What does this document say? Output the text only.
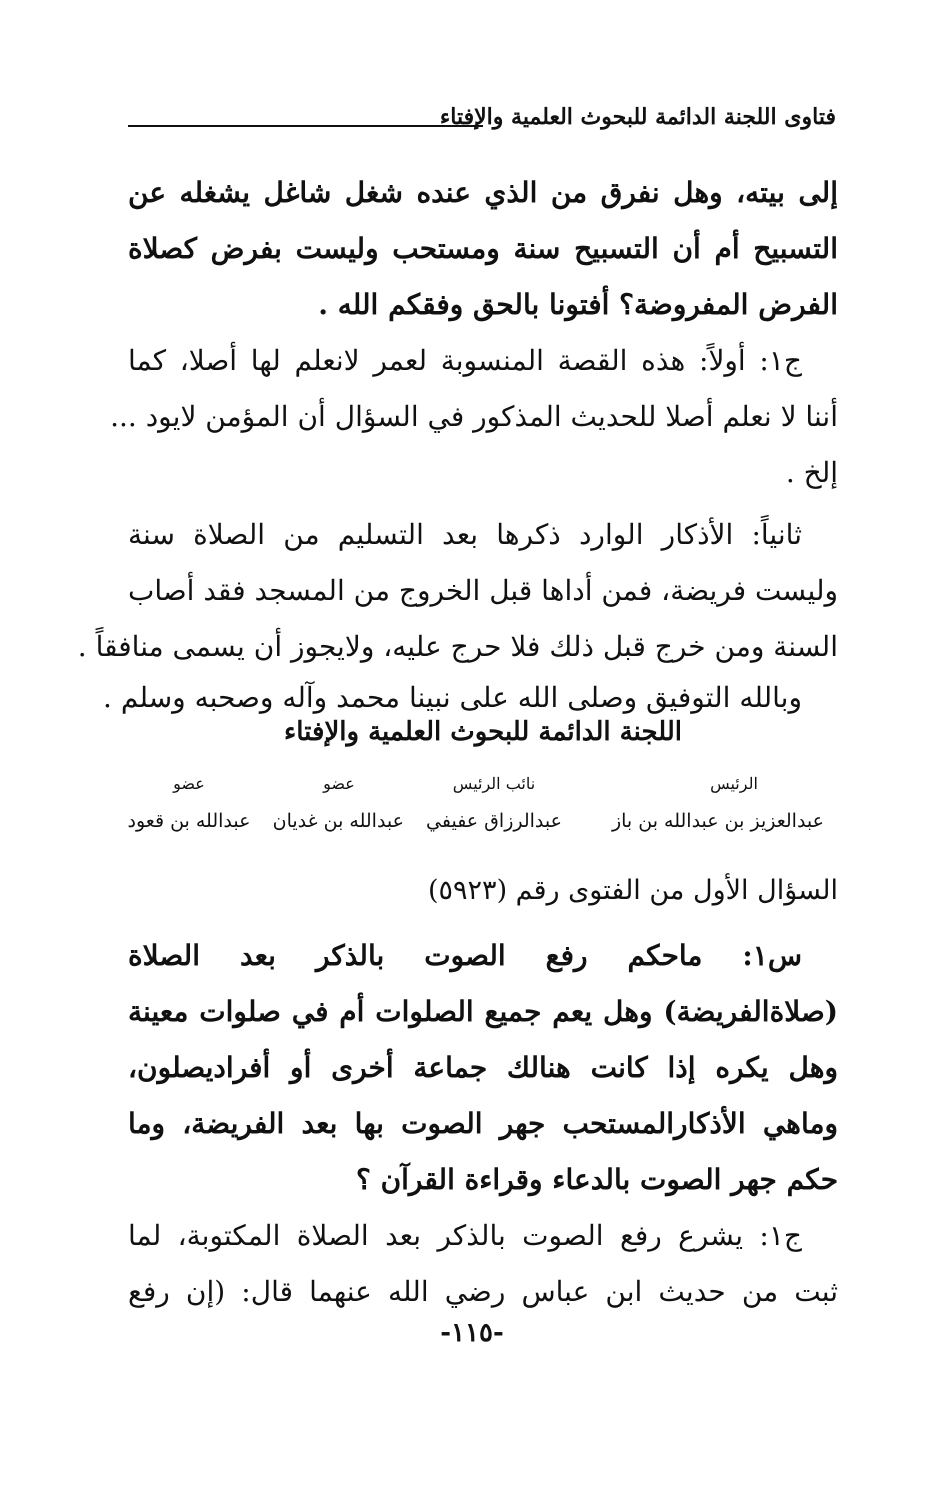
فتاوى اللجنة الدائمة للبحوث العلمية والإفتاء
إلى بيته، وهل نفرق من الذي عنده شغل شاغل يشغله عن
التسبيح أم أن التسبيح سنة ومستحب وليست بفرض كصلاة
الفرض المفروضة؟ أفتونا بالحق وفقكم الله .
ج١: أولاً: هذه القصة المنسوبة لعمر لانعلم لها أصلا، كما
أننا لا نعلم أصلا للحديث المذكور في السؤال أن المؤمن لايود ...
إلخ .
ثانياً: الأذكار الوارد ذكرها بعد التسليم من الصلاة سنة
وليست فريضة، فمن أداها قبل الخروج من المسجد فقد أصاب
السنة ومن خرج قبل ذلك فلا حرج عليه، ولايجوز أن يسمى منافقاً .
وبالله التوفيق وصلى الله على نبينا محمد وآله وصحبه وسلم .
اللجنة الدائمة للبحوث العلمية والإفتاء
الرئيس
عبدالعزيز بن عبدالله بن باز
نائب الرئيس
عبدالرزاق عفيفي
عضو
عبدالله بن غديان
عضو
عبدالله بن قعود
السؤال الأول من الفتوى رقم (٥٩٢٣)
س١: ماحكم رفع الصوت بالذكر بعد الصلاة
(صلاةالفريضة) وهل يعم جميع الصلوات أم في صلوات معينة
وهل يكره إذا كانت هنالك جماعة أخرى أو أفراديصلون،
وماهي الأذكارالمستحب جهر الصوت بها بعد الفريضة، وما
حكم جهر الصوت بالدعاء وقراءة القرآن ؟
ج١: يشرع رفع الصوت بالذكر بعد الصلاة المكتوبة، لما
ثبت من حديث ابن عباس رضي الله عنهما قال: (إن رفع
-١١٥-
